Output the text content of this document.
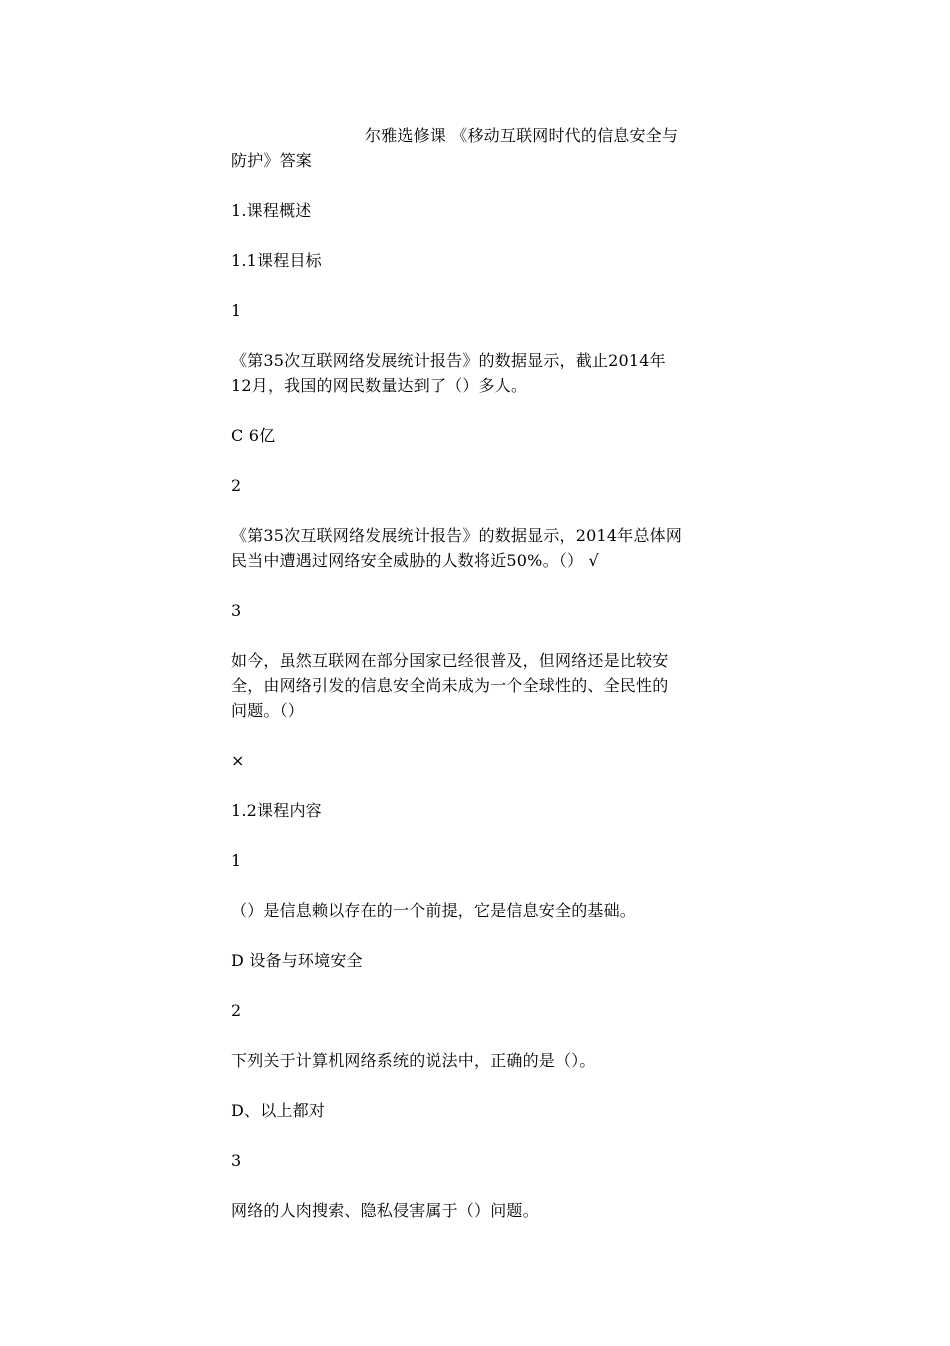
尔雅选修课 《移动互联网时代的信息安全与
防护》答案
1.课程概述
1.1课程目标
1
《第35次互联网络发展统计报告》的数据显示，截止2014年
12月，我国的网民数量达到了（）多人。
C 6亿
2
《第35次互联网络发展统计报告》的数据显示，2014年总体网
民当中遭遇过网络安全威胁的人数将近50%。（） √
3
如今，虽然互联网在部分国家已经很普及，但网络还是比较安
全，由网络引发的信息安全尚未成为一个全球性的、全民性的
问题。（）
×
1.2课程内容
1
（）是信息赖以存在的一个前提，它是信息安全的基础。
D 设备与环境安全
2
下列关于计算机网络系统的说法中，正确的是（）。
D、以上都对
3
网络的人肉搜索、隐私侵害属于（）问题。
